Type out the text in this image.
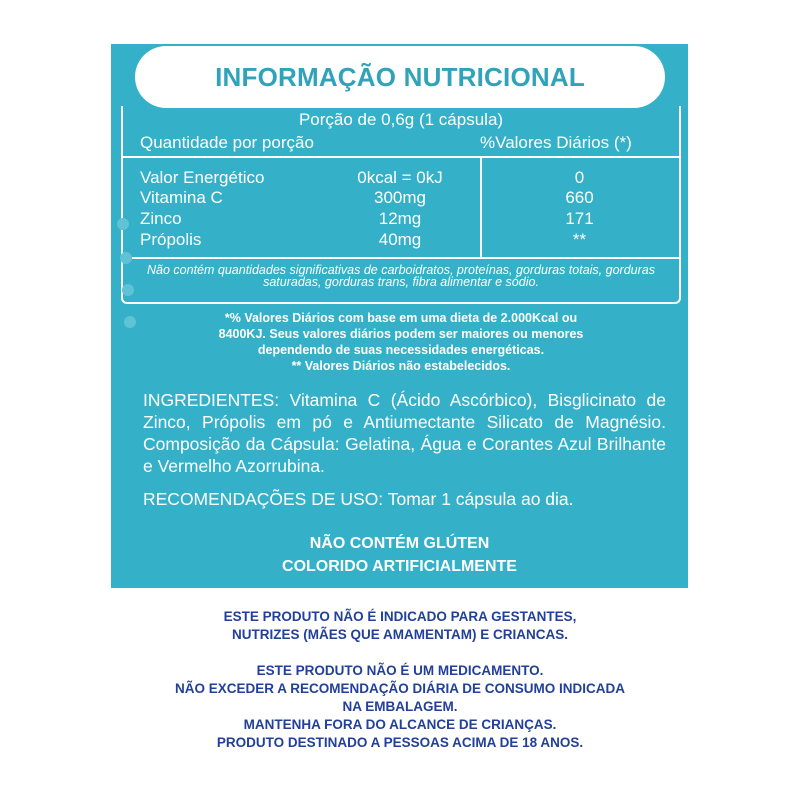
INFORMAÇÃO NUTRICIONAL
Porção de 0,6g (1 cápsula)
Quantidade por porção	%Valores Diários (*)
Valor Energético	0kcal = 0kJ	0
Vitamina C	300mg	660
Zinco	12mg	171
Própolis	40mg	**
Não contém quantidades significativas de carboidratos, proteínas, gorduras totais, gorduras saturadas, gorduras trans, fibra alimentar e sódio.
*% Valores Diários com base em uma dieta de 2.000Kcal ou
8400KJ. Seus valores diários podem ser maiores ou menores
dependendo de suas necessidades energéticas.
** Valores Diários não estabelecidos.
INGREDIENTES: Vitamina C (Ácido Ascórbico), Bisglicinato de Zinco, Própolis em pó e Antiumectante Silicato de Magnésio. Composição da Cápsula: Gelatina, Água e Corantes Azul Brilhante e Vermelho Azorrubina.
RECOMENDAÇÕES DE USO: Tomar 1 cápsula ao dia.
NÃO CONTÉM GLÚTEN
COLORIDO ARTIFICIALMENTE
ESTE PRODUTO NÃO É INDICADO PARA GESTANTES,
NUTRIZES (MÃES QUE AMAMENTAM) E CRIANCAS.
ESTE PRODUTO NÃO É UM MEDICAMENTO.
NÃO EXCEDER A RECOMENDAÇÃO DIÁRIA DE CONSUMO INDICADA
NA EMBALAGEM.
MANTENHA FORA DO ALCANCE DE CRIANÇAS.
PRODUTO DESTINADO A PESSOAS ACIMA DE 18 ANOS.
